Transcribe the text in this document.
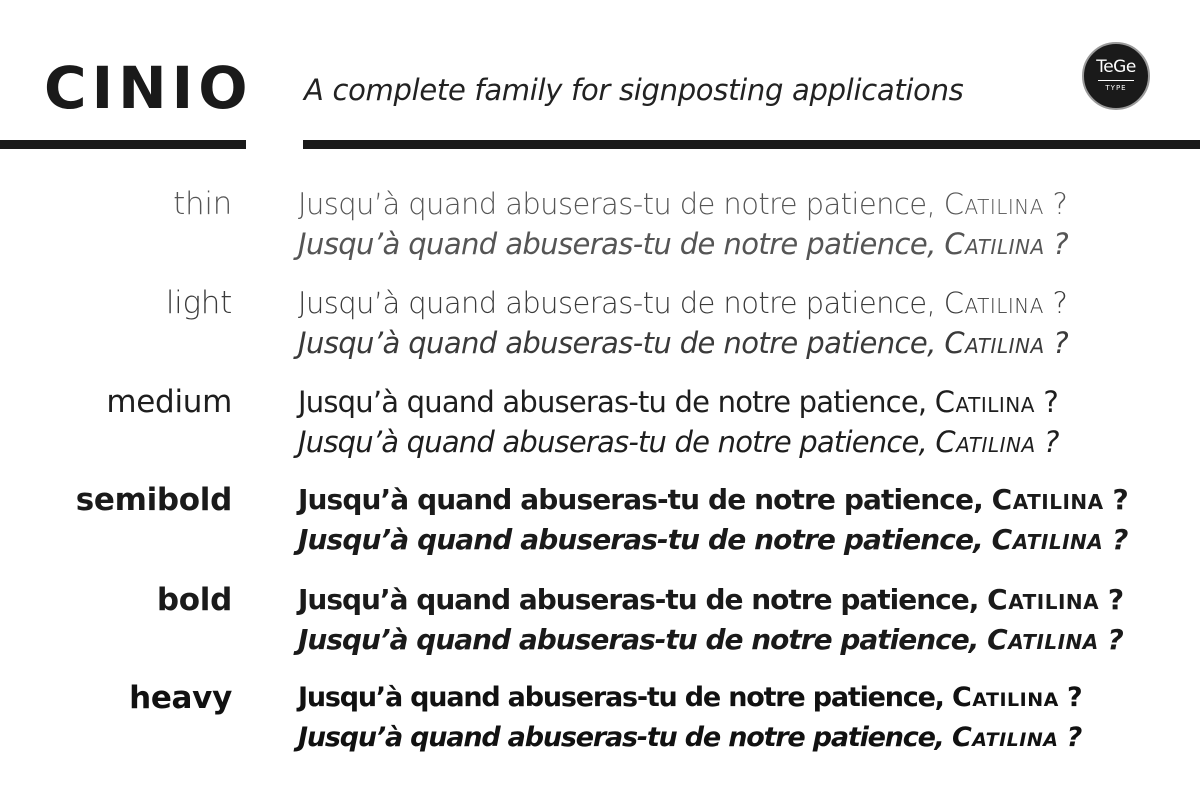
CINIO A complete family for signposting applications
TeGe
TYPE
thin Jusqu’à quand abuseras-tu de notre patience, Catilina ?
Jusqu’à quand abuseras-tu de notre patience, Catilina ?
light Jusqu’à quand abuseras-tu de notre patience, Catilina ?
Jusqu’à quand abuseras-tu de notre patience, Catilina ?
medium Jusqu’à quand abuseras-tu de notre patience, Catilina ?
Jusqu’à quand abuseras-tu de notre patience, Catilina ?
semibold Jusqu’à quand abuseras-tu de notre patience, Catilina ?
Jusqu’à quand abuseras-tu de notre patience, Catilina ?
bold Jusqu’à quand abuseras-tu de notre patience, Catilina ?
Jusqu’à quand abuseras-tu de notre patience, Catilina ?
heavy Jusqu’à quand abuseras-tu de notre patience, Catilina ?
Jusqu’à quand abuseras-tu de notre patience, Catilina ?
